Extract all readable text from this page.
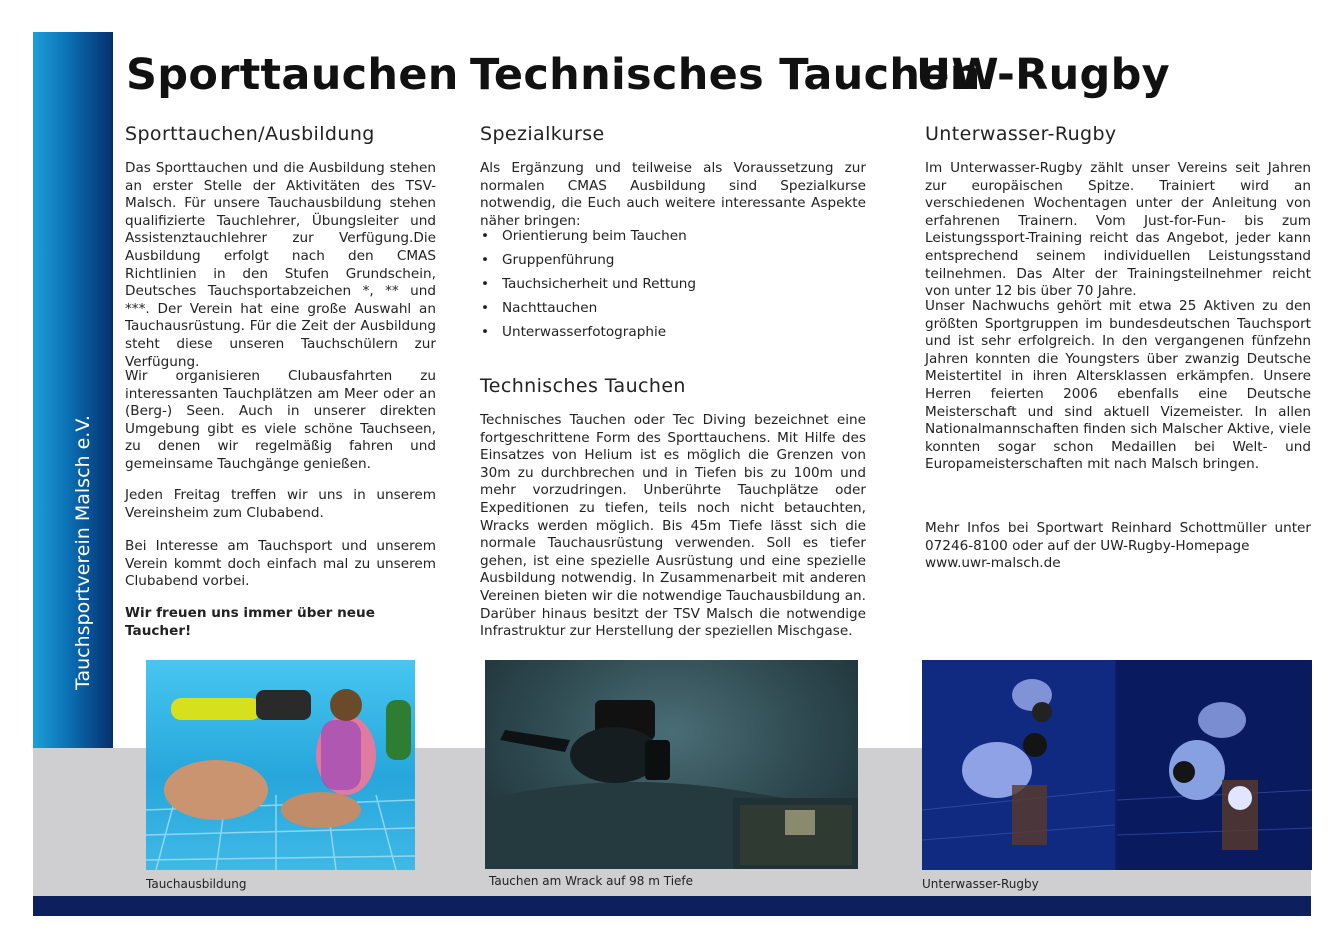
Tauchsportverein Malsch e.V.
Sporttauchen Technisches Tauchen
UW-Rugby
Sporttauchen/Ausbildung

Das Sporttauchen und die Ausbildung stehen an erster Stelle der Aktivitäten des TSV-Malsch. Für unsere Tauchausbildung stehen qualifizierte Tauchlehrer, Übungsleiter und Assistenztauchlehrer zur Verfügung.Die Ausbildung erfolgt nach den CMAS Richtlinien in den Stufen Grundschein, Deutsches Tauchsportabzeichen *, ** und ***. Der Verein hat eine große Auswahl an Tauchausrüstung. Für die Zeit der Ausbildung steht diese unseren Tauchschülern zur Verfügung.

Wir organisieren Clubausfahrten zu interessanten Tauchplätzen am Meer oder an (Berg-) Seen. Auch in unserer direkten Umgebung gibt es viele schöne Tauchseen, zu denen wir regelmäßig fahren und gemeinsame Tauchgänge genießen.

Jeden Freitag treffen wir uns in unserem Vereinsheim zum Clubabend.

Bei Interesse am Tauchsport und unserem Verein kommt doch einfach mal zu unserem Clubabend vorbei.

Wir freuen uns immer über neue Taucher!

Spezialkurse

Als Ergänzung und teilweise als Voraussetzung zur normalen CMAS Ausbildung sind Spezialkurse notwendig, die Euch auch weitere interessante Aspekte näher bringen:

• Orientierung beim Tauchen
• Gruppenführung
• Tauchsicherheit und Rettung
• Nachttauchen
• Unterwasserfotographie
Technisches Tauchen

Technisches Tauchen oder Tec Diving bezeichnet eine fortgeschrittene Form des Sporttauchens. Mit Hilfe des Einsatzes von Helium ist es möglich die Grenzen von 30m zu durchbrechen und in Tiefen bis zu 100m und mehr vorzudringen. Unberührte Tauchplätze oder Expeditionen zu tiefen, teils noch nicht betauchten, Wracks werden möglich. Bis 45m Tiefe lässt sich die normale Tauchausrüstung verwenden. Soll es tiefer gehen, ist eine spezielle Ausrüstung und eine spezielle Ausbildung notwendig. In Zusammenarbeit mit anderen Vereinen bieten wir die notwendige Tauchausbildung an. Darüber hinaus besitzt der TSV Malsch die notwendige Infrastruktur zur Herstellung der speziellen Mischgase.

Unterwasser-Rugby

Im Unterwasser-Rugby zählt unser Vereins seit Jahren zur europäischen Spitze. Trainiert wird an verschiedenen Wochentagen unter der Anleitung von erfahrenen Trainern. Vom Just-for-Fun- bis zum Leistungssport-Training reicht das Angebot, jeder kann entsprechend seinem individuellen Leistungsstand teilnehmen. Das Alter der Trainingsteilnehmer reicht von unter 12 bis über 70 Jahre.

Unser Nachwuchs gehört mit etwa 25 Aktiven zu den größten Sportgruppen im bundesdeutschen Tauchsport und ist sehr erfolgreich. In den vergangenen fünfzehn Jahren konnten die Youngsters über zwanzig Deutsche Meistertitel in ihren Altersklassen erkämpfen. Unsere Herren feierten 2006 ebenfalls eine Deutsche Meisterschaft und sind aktuell Vizemeister. In allen Nationalmannschaften finden sich Malscher Aktive, viele konnten sogar schon Medaillen bei Welt- und Europameisterschaften mit nach Malsch bringen.

Mehr Infos bei Sportwart Reinhard Schottmüller unter 07246-8100 oder auf der UW-Rugby-Homepage
www.uwr-malsch.de

Tauchausbildung	Tauchen am Wrack auf 98 m Tiefe	Unterwasser-Rugby
